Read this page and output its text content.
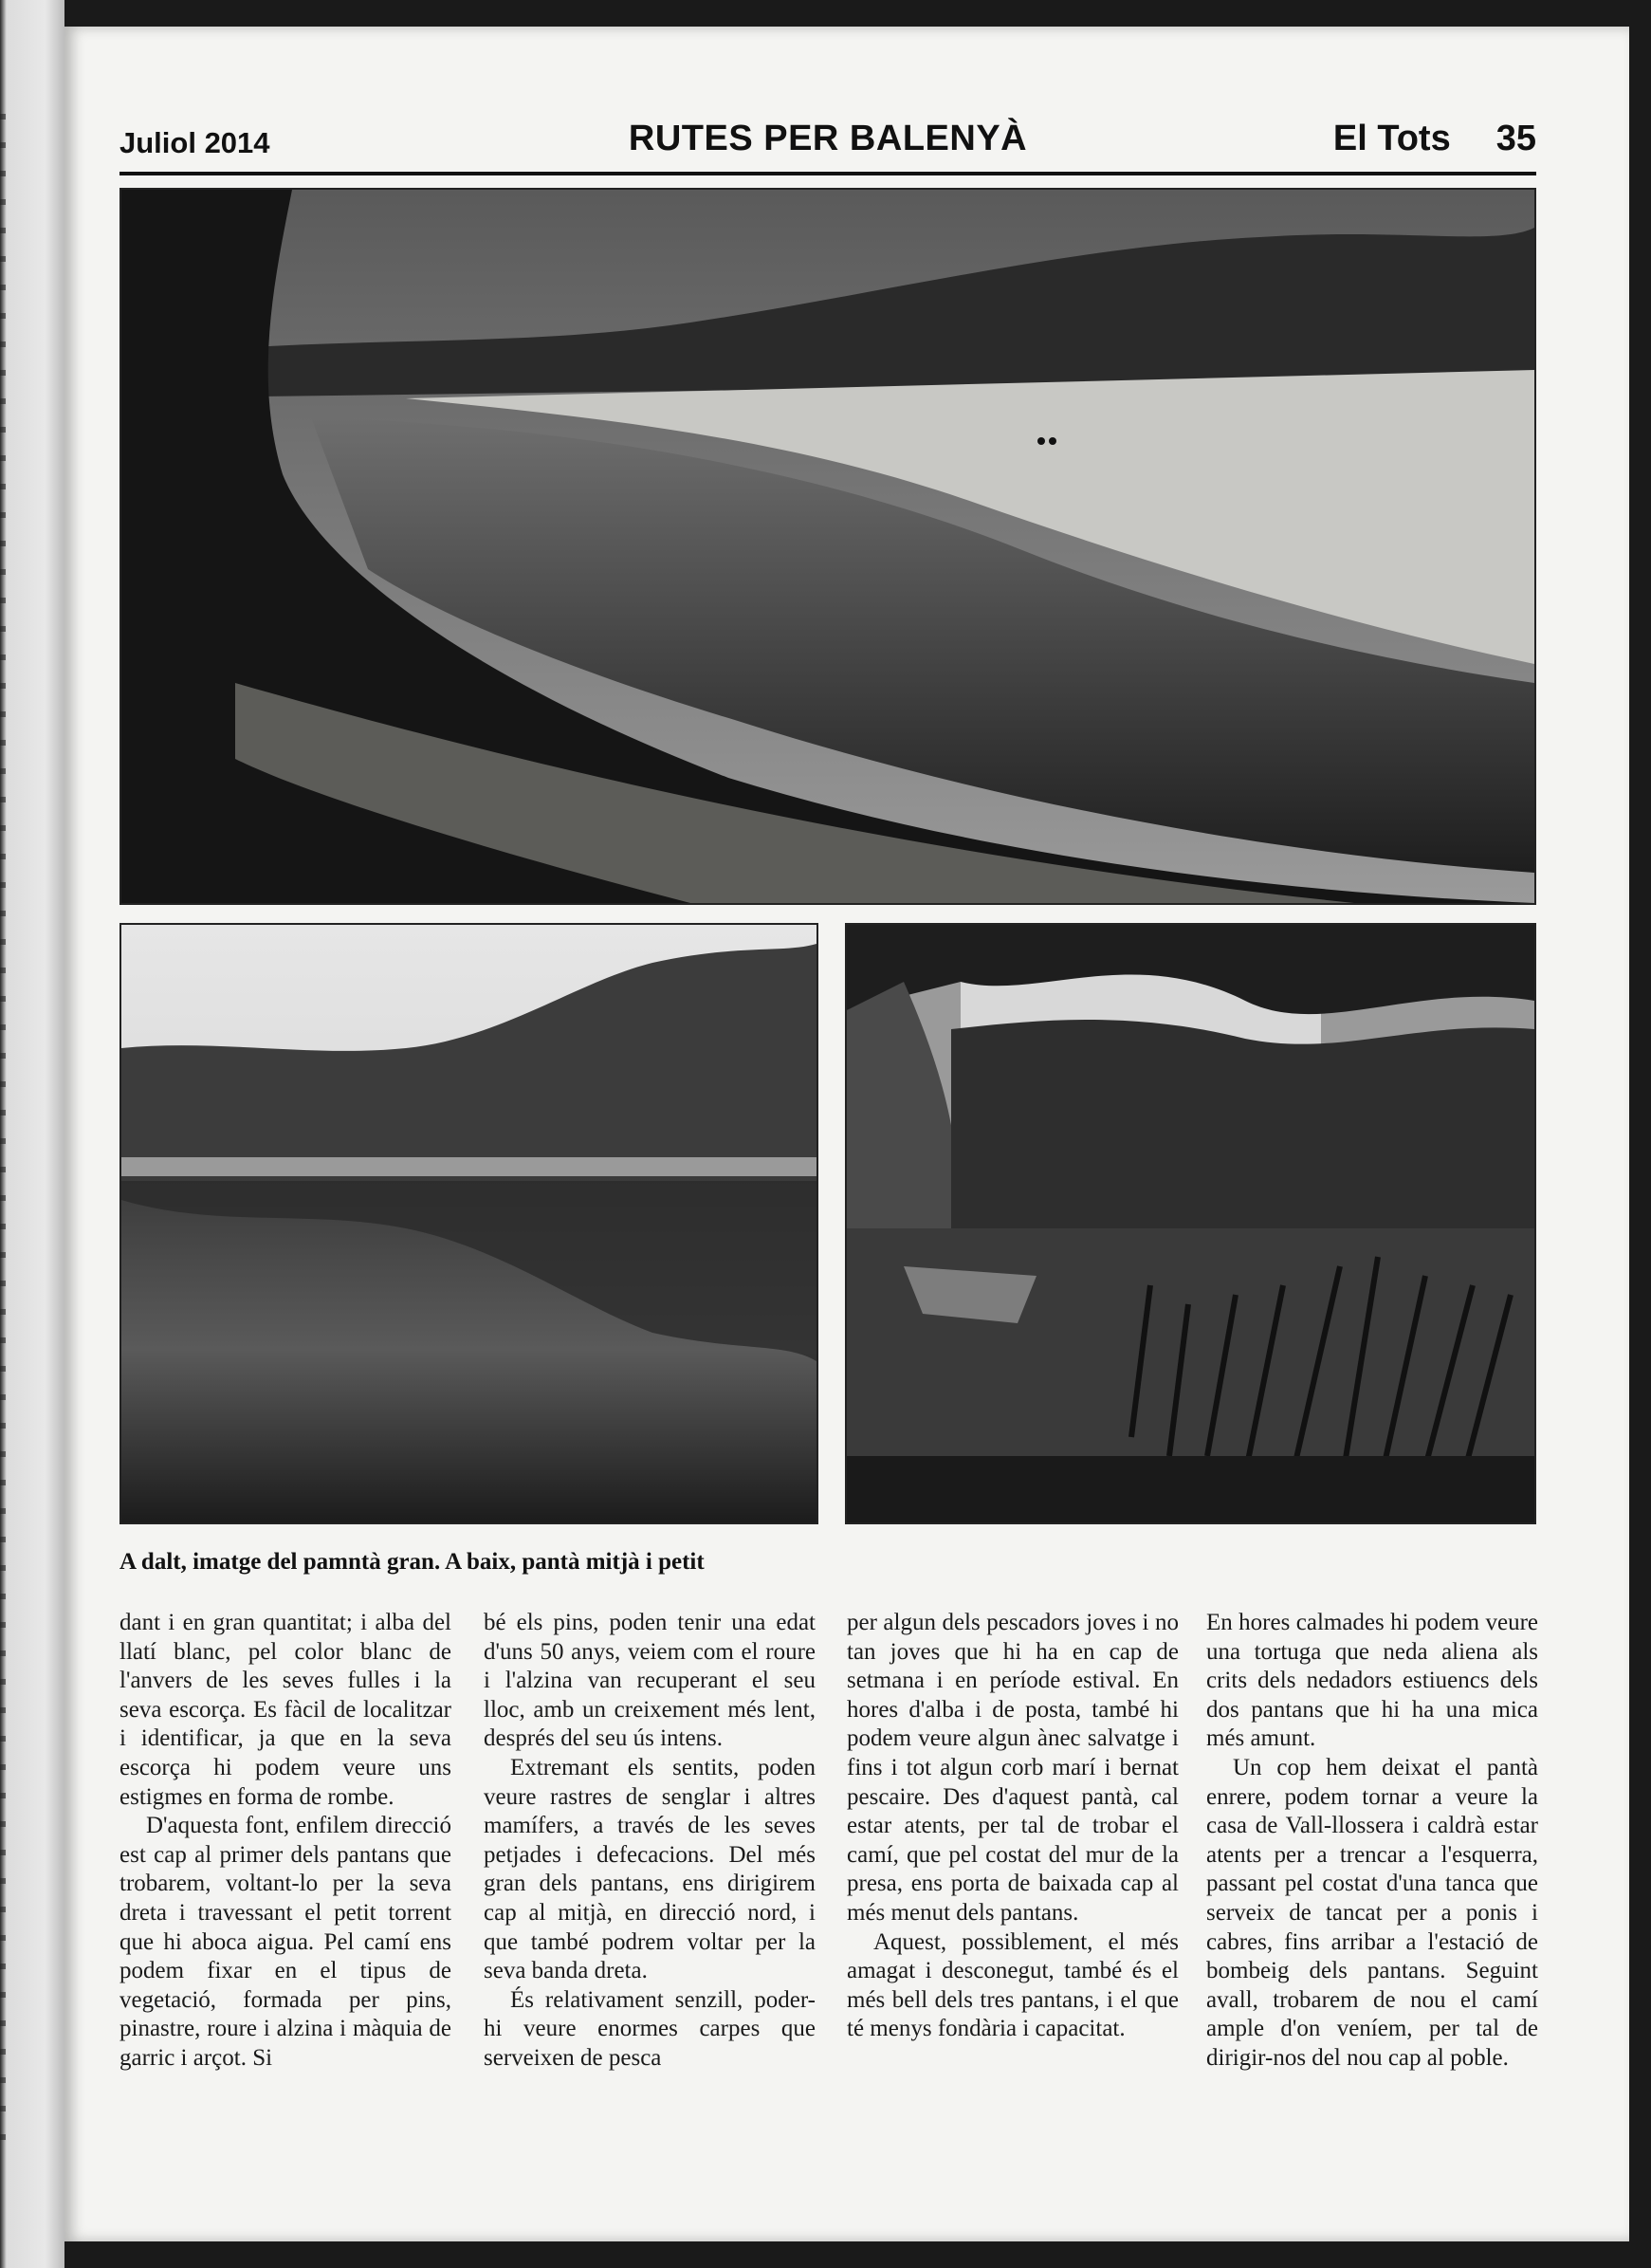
Juliol 2014	RUTES PER BALENYÀ	El Tots 35
A dalt, imatge del pamntà gran. A baix, pantà mitjà i petit

dant i en gran quantitat; i alba del llatí blanc, pel color blanc de l'anvers de les seves fulles i la seva escorça. Es fàcil de localitzar i identificar, ja que en la seva escorça hi podem veure uns estigmes en forma de rombe.

D'aquesta font, enfilem direcció est cap al primer dels pantans que trobarem, voltant-lo per la seva dreta i travessant el petit torrent que hi aboca aigua. Pel camí ens podem fixar en el tipus de vegetació, formada per pins, pinastre, roure i alzina i màquia de garric i arçot. Si

bé els pins, poden tenir una edat d'uns 50 anys, veiem com el roure i l'alzina van recuperant el seu lloc, amb un creixement més lent, després del seu ús intens.

Extremant els sentits, poden veure rastres de senglar i altres mamífers, a través de les seves petjades i defecacions. Del més gran dels pantans, ens dirigirem cap al mitjà, en direcció nord, i que també podrem voltar per la seva banda dreta.

És relativament senzill, poder-hi veure enormes carpes que serveixen de pesca

per algun dels pescadors joves i no tan joves que hi ha en cap de setmana i en període estival. En hores d'alba i de posta, també hi podem veure algun ànec salvatge i fins i tot algun corb marí i bernat pescaire. Des d'aquest pantà, cal estar atents, per tal de trobar el camí, que pel costat del mur de la presa, ens porta de baixada cap al més menut dels pantans.

Aquest, possiblement, el més amagat i desconegut, també és el més bell dels tres pantans, i el que té menys fondària i capacitat.

En hores calmades hi podem veure una tortuga que neda aliena als crits dels nedadors estiuencs dels dos pantans que hi ha una mica més amunt.

Un cop hem deixat el pantà enrere, podem tornar a veure la casa de Vall-llossera i caldrà estar atents per a trencar a l'esquerra, passant pel costat d'una tanca que serveix de tancat per a ponis i cabres, fins arribar a l'estació de bombeig dels pantans. Seguint avall, trobarem de nou el camí ample d'on veníem, per tal de dirigir-nos del nou cap al poble.
